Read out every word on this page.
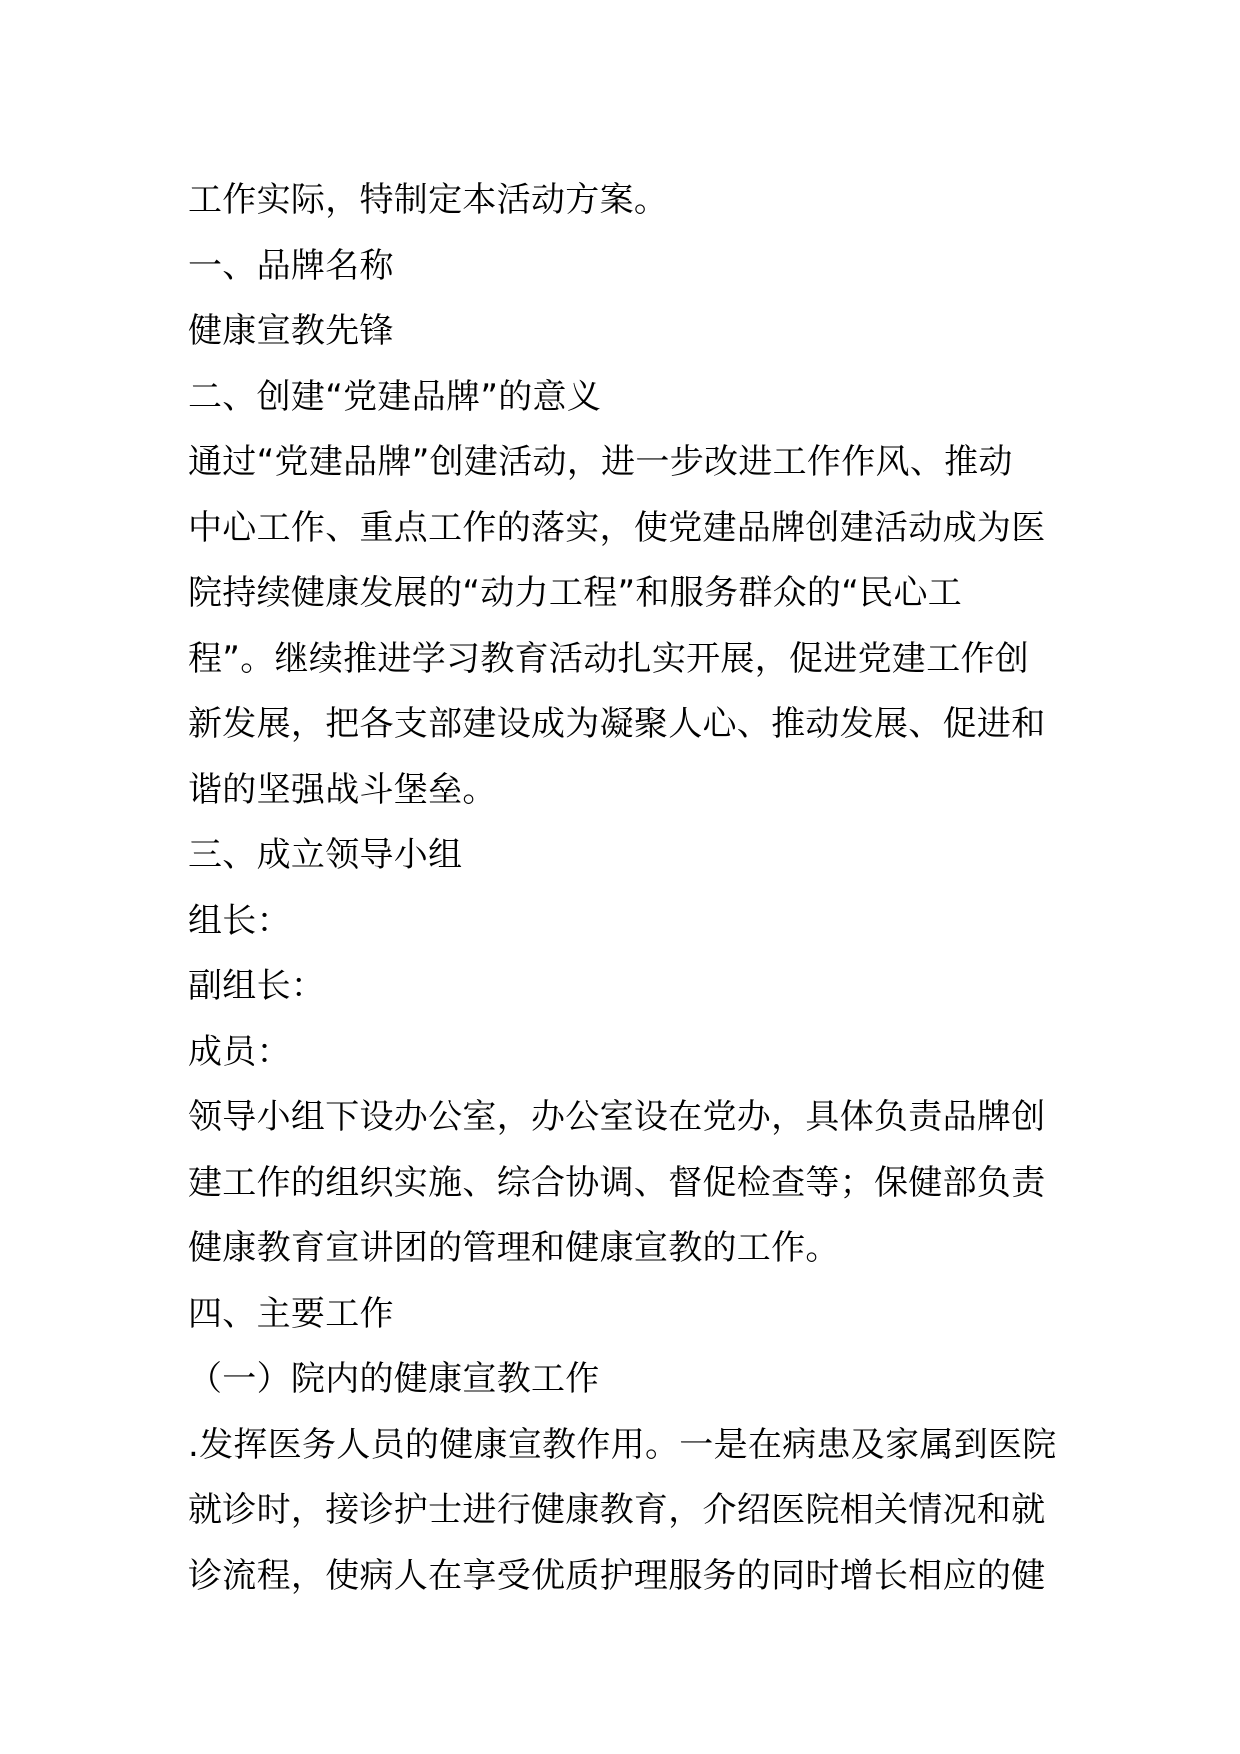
工作实际，特制定本活动方案。
一、品牌名称
健康宣教先锋
二、创建“党建品牌”的意义
通过“党建品牌”创建活动，进一步改进工作作风、推动
中心工作、重点工作的落实，使党建品牌创建活动成为医
院持续健康发展的“动力工程”和服务群众的“民心工
程”。继续推进学习教育活动扎实开展，促进党建工作创
新发展，把各支部建设成为凝聚人心、推动发展、促进和
谐的坚强战斗堡垒。
三、成立领导小组
组长：
副组长：
成员：
领导小组下设办公室，办公室设在党办，具体负责品牌创
建工作的组织实施、综合协调、督促检查等；保健部负责
健康教育宣讲团的管理和健康宣教的工作。
四、主要工作
（一）院内的健康宣教工作
.发挥医务人员的健康宣教作用。一是在病患及家属到医院
就诊时，接诊护士进行健康教育，介绍医院相关情况和就
诊流程，使病人在享受优质护理服务的同时增长相应的健
